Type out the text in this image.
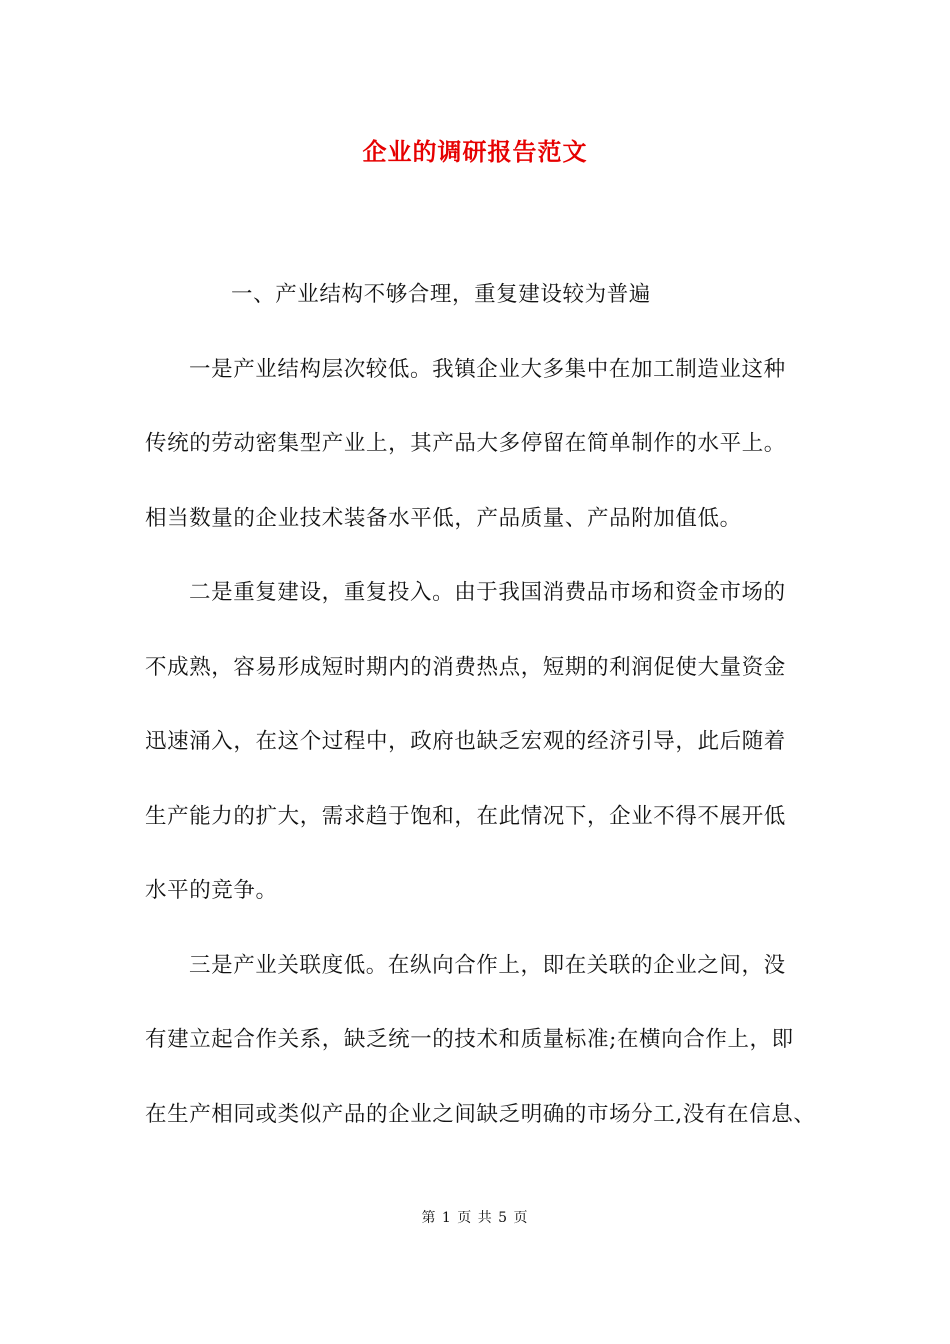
企业的调研报告范文
一、产业结构不够合理，重复建设较为普遍
一是产业结构层次较低。我镇企业大多集中在加工制造业这种
传统的劳动密集型产业上，其产品大多停留在简单制作的水平上。
相当数量的企业技术装备水平低，产品质量、产品附加值低。
二是重复建设，重复投入。由于我国消费品市场和资金市场的
不成熟，容易形成短时期内的消费热点，短期的利润促使大量资金
迅速涌入，在这个过程中，政府也缺乏宏观的经济引导，此后随着
生产能力的扩大，需求趋于饱和，在此情况下，企业不得不展开低
水平的竞争。
三是产业关联度低。在纵向合作上，即在关联的企业之间，没
有建立起合作关系，缺乏统一的技术和质量标准;在横向合作上，即
在生产相同或类似产品的企业之间缺乏明确的市场分工,没有在信息、
第 1 页 共 5 页
